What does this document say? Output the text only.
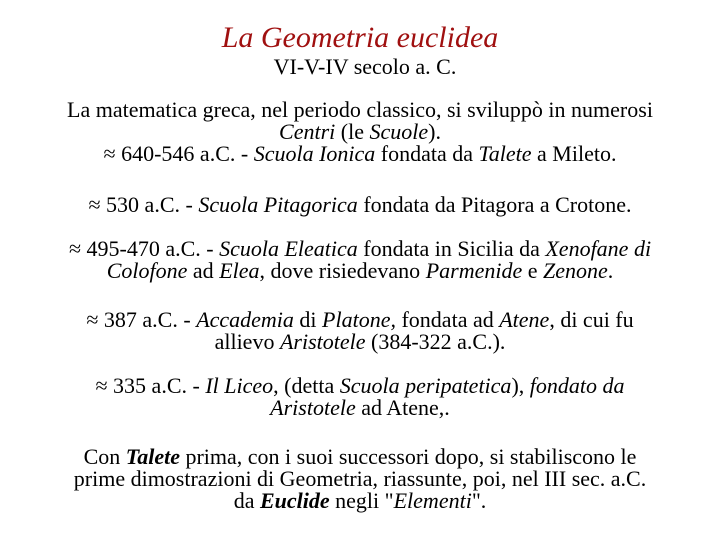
La Geometria euclidea
VI-V-IV secolo a. C.
La matematica greca, nel periodo classico, si sviluppò in numerosi
Centri (le Scuole).
≈ 640-546 a.C. - Scuola Ionica fondata da Talete a Mileto.
≈ 530 a.C. - Scuola Pitagorica fondata da Pitagora a Crotone.
≈ 495-470 a.C. - Scuola Eleatica fondata in Sicilia da Xenofane di
Colofone ad Elea, dove risiedevano Parmenide e Zenone.
≈ 387 a.C. - Accademia di Platone, fondata ad Atene, di cui fu
allievo Aristotele (384-322 a.C.).
≈ 335 a.C. - Il Liceo, (detta Scuola peripatetica), fondato da
Aristotele ad Atene,.
Con Talete prima, con i suoi successori dopo, si stabiliscono le
prime dimostrazioni di Geometria, riassunte, poi, nel III sec. a.C.
da Euclide negli "Elementi".
